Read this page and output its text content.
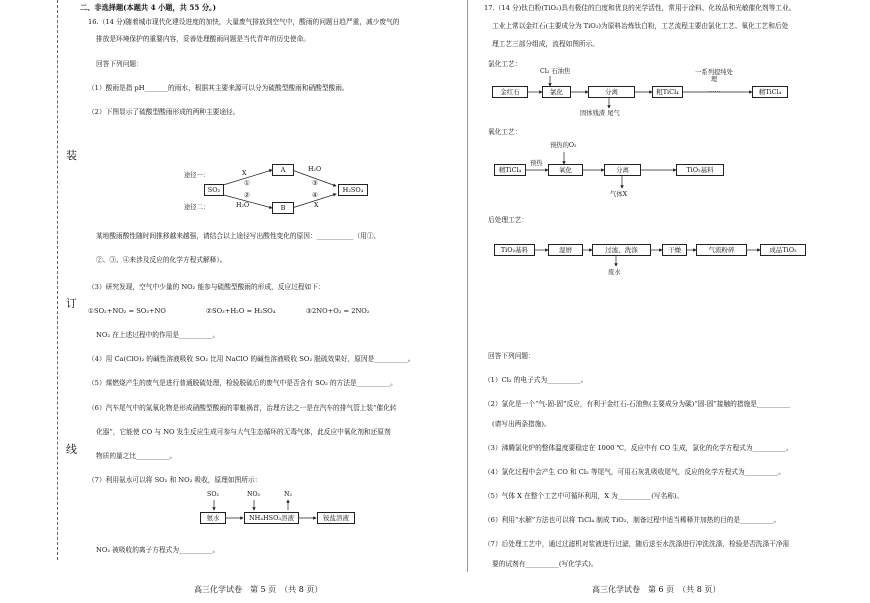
装
订
线
二、非选择题(本题共 4 小题，共 55 分。)
16.（14 分)随着城市现代化建设进度的加快，大量废气排放到空气中，酸雨的问题日趋严重，减少废气的
排放是环境保护的重要内容，妥善处理酸雨问题是当代青年的历史使命。
回答下列问题：
（1）酸雨是指 pH_______的雨水，根据其主要来源可以分为硫酸型酸雨和硝酸型酸雨。
（2）下图显示了硫酸型酸雨形成的两种主要途径。
途径一：
途径二：
SO₂
A
B
H₂SO₄
X
①
②
H₂O
H₂O
③
④
X
某地酸雨酸性随时间推移越来越强，请结合以上途径写出酸性变化的原因：___________（用①、
②、③、④来涉及反应的化学方程式解释）。
（3）研究发现，空气中少量的 NO₂ 能参与硫酸型酸雨的形成，反应过程如下：
①SO₂+NO₂ = SO₃+NO	②SO₃+H₂O = H₂SO₄	③2NO+O₂ = 2NO₂
NO₂ 在上述过程中的作用是__________。
（4）用 Ca(ClO)₂ 的碱性溶液吸收 SO₂ 比用 NaClO 的碱性溶液吸收 SO₂ 脱硫效果好，原因是__________。
（5）煤燃烧产生的废气是进行普通脱硫处理，检验脱硫后的废气中是否含有 SO₂ 的方法是__________。
（6）汽车尾气中的氮氧化物是形成硝酸型酸雨的罪魁祸首，治理方法之一是在汽车的排气管上装“催化转
化器”，它能使 CO 与 NO 发生反应生成可参与大气生态循环的无毒气体，此反应中氧化剂和还原剂
物质的量之比__________。
（7）利用氨水可以将 SO₂ 和 NO₂ 吸收，原理如图所示：
SO₂	NO₂	N₂
氨水	NH₄HSO₃溶液	铵盐溶液
NO₂ 被吸收的离子方程式为__________。
17.（14 分)钛白粉(TiO₂)具有极佳的白度和优良的光学活性，常用于涂料、化妆品和光敏催化剂等工业。
工业上常以金红石(主要成分为 TiO₂)为原料冶炼钛白粉，工艺流程主要由氯化工艺、氧化工艺和后处
理工艺三部分组成，流程如图所示。
氯化工艺：
Cl₂ 石油焦
金红石	氯化	分离	粗TiCl₄
一系列提纯处理
……	精TiCl₄
固体残渣 尾气
氧化工艺：
预热的O₂
精TiCl₄
预热
氧化	分离	TiO₂基料
气体X
后处理工艺：
TiO₂基料	湿磨	过滤、洗涤	干燥	气流粉碎	成品TiO₂
废水
回答下列问题：
（1）Cl₂ 的电子式为__________。
（2）氯化是一个“气-固-固”反应，有利于金红石-石油焦(主要成分为碳)“固-固”接触的措施是__________
(请写出两条措施)。
（3）沸腾氯化炉的整体温度要稳定在 1000 ℃，反应中有 CO 生成，氯化的化学方程式为__________。
（4）氯化过程中会产生 CO 和 Cl₂ 等尾气，可用石灰乳吸收尾气，反应的化学方程式为__________。
（5）气体 X 在整个工艺中可循环利用，X 为__________(写名称)。
（6）利用“水解”方法也可以将 TiCl₄ 制成 TiO₂，制备过程中适当稀释并加热的目的是__________。
（7）后处理工艺中，通过过滤机对浆液进行过滤，随后送至水洗涤进行冲洗洗涤，检验是否洗涤干净需
要的试剂有__________(写化学式)。
高三化学试卷　第 5 页　（共 8 页）	高三化学试卷　第 6 页　（共 8 页）
